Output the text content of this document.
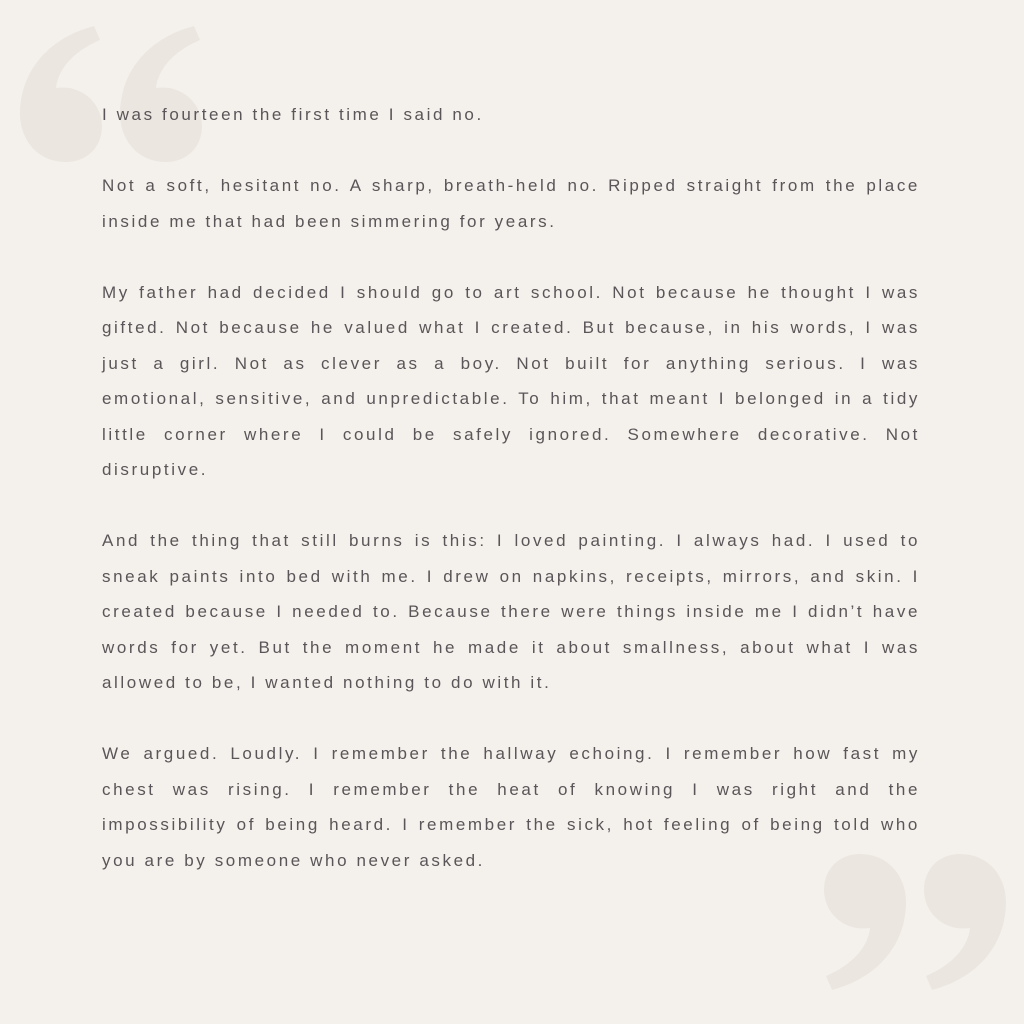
I was fourteen the first time I said no.

Not a soft, hesitant no. A sharp, breath-held no. Ripped straight from the place inside me that had been simmering for years.

My father had decided I should go to art school. Not because he thought I was gifted. Not because he valued what I created. But because, in his words, I was just a girl. Not as clever as a boy. Not built for anything serious. I was emotional, sensitive, and unpredictable. To him, that meant I belonged in a tidy little corner where I could be safely ignored. Somewhere decorative. Not disruptive.

And the thing that still burns is this: I loved painting. I always had. I used to sneak paints into bed with me. I drew on napkins, receipts, mirrors, and skin. I created because I needed to. Because there were things inside me I didn’t have words for yet. But the moment he made it about smallness, about what I was allowed to be, I wanted nothing to do with it.

We argued. Loudly. I remember the hallway echoing. I remember how fast my chest was rising. I remember the heat of knowing I was right and the impossibility of being heard. I remember the sick, hot feeling of being told who you are by someone who never asked.
